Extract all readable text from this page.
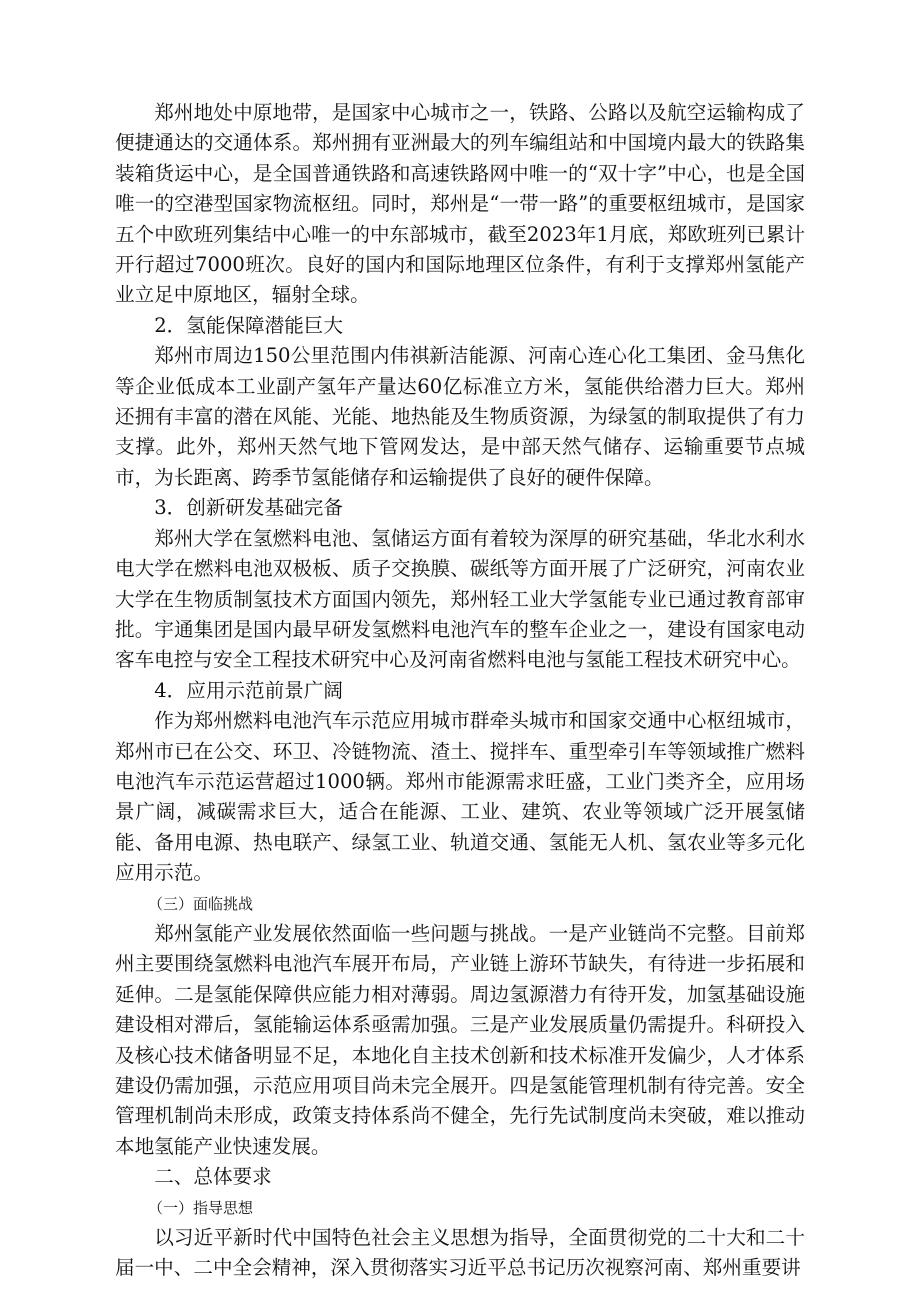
郑州地处中原地带，是国家中心城市之一，铁路、公路以及航空运输构成了便捷通达的交通体系。郑州拥有亚洲最大的列车编组站和中国境内最大的铁路集装箱货运中心，是全国普通铁路和高速铁路网中唯一的“双十字”中心，也是全国唯一的空港型国家物流枢纽。同时，郑州是“一带一路”的重要枢纽城市，是国家五个中欧班列集结中心唯一的中东部城市，截至2023年1月底，郑欧班列已累计开行超过7000班次。良好的国内和国际地理区位条件，有利于支撑郑州氢能产业立足中原地区，辐射全球。

2．氢能保障潜能巨大

郑州市周边150公里范围内伟祺新洁能源、河南心连心化工集团、金马焦化等企业低成本工业副产氢年产量达60亿标准立方米，氢能供给潜力巨大。郑州还拥有丰富的潜在风能、光能、地热能及生物质资源，为绿氢的制取提供了有力支撑。此外，郑州天然气地下管网发达，是中部天然气储存、运输重要节点城市，为长距离、跨季节氢能储存和运输提供了良好的硬件保障。

3．创新研发基础完备

郑州大学在氢燃料电池、氢储运方面有着较为深厚的研究基础，华北水利水电大学在燃料电池双极板、质子交换膜、碳纸等方面开展了广泛研究，河南农业大学在生物质制氢技术方面国内领先，郑州轻工业大学氢能专业已通过教育部审批。宇通集团是国内最早研发氢燃料电池汽车的整车企业之一，建设有国家电动客车电控与安全工程技术研究中心及河南省燃料电池与氢能工程技术研究中心。

4．应用示范前景广阔

作为郑州燃料电池汽车示范应用城市群牵头城市和国家交通中心枢纽城市，郑州市已在公交、环卫、冷链物流、渣土、搅拌车、重型牵引车等领域推广燃料电池汽车示范运营超过1000辆。郑州市能源需求旺盛，工业门类齐全，应用场景广阔，减碳需求巨大，适合在能源、工业、建筑、农业等领域广泛开展氢储能、备用电源、热电联产、绿氢工业、轨道交通、氢能无人机、氢农业等多元化应用示范。

（三）面临挑战

郑州氢能产业发展依然面临一些问题与挑战。一是产业链尚不完整。目前郑州主要围绕氢燃料电池汽车展开布局，产业链上游环节缺失，有待进一步拓展和延伸。二是氢能保障供应能力相对薄弱。周边氢源潜力有待开发，加氢基础设施建设相对滞后，氢能输运体系亟需加强。三是产业发展质量仍需提升。科研投入及核心技术储备明显不足，本地化自主技术创新和技术标准开发偏少，人才体系建设仍需加强，示范应用项目尚未完全展开。四是氢能管理机制有待完善。安全管理机制尚未形成，政策支持体系尚不健全，先行先试制度尚未突破，难以推动本地氢能产业快速发展。

二、总体要求

（一）指导思想

以习近平新时代中国特色社会主义思想为指导，全面贯彻党的二十大和二十届一中、二中全会精神，深入贯彻落实习近平总书记历次视察河南、郑州重要讲
